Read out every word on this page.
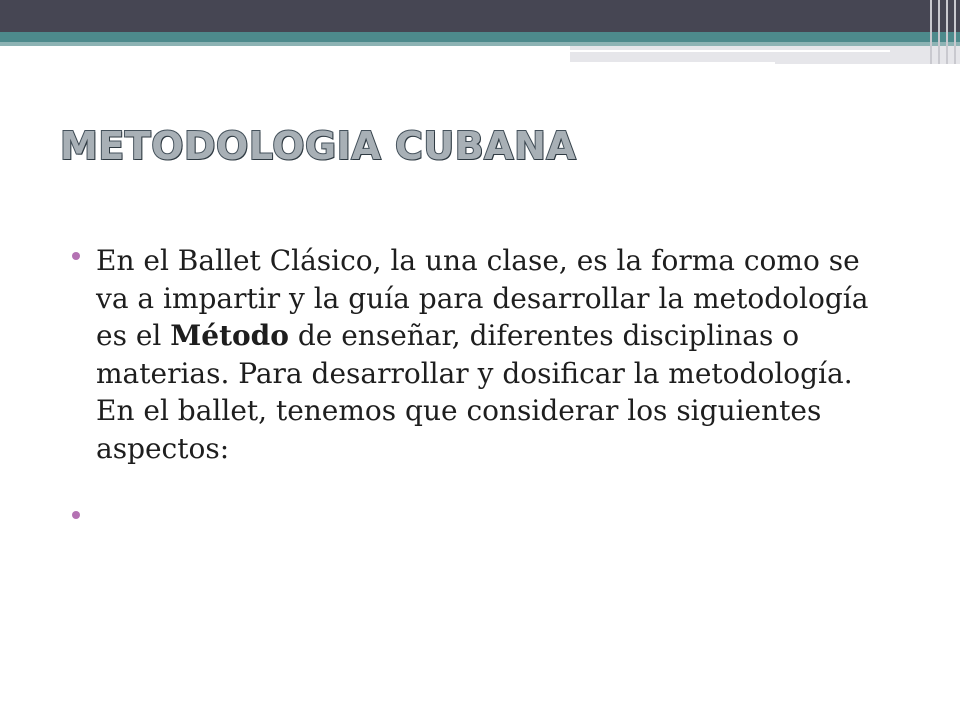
METODOLOGIA CUBANA

En el Ballet Clásico, la una clase, es la forma como se va a impartir y la guía para desarrollar la metodología es el Método de enseñar, diferentes disciplinas o materias. Para desarrollar y dosificar la metodología. En el ballet, tenemos que considerar los siguientes aspectos:
